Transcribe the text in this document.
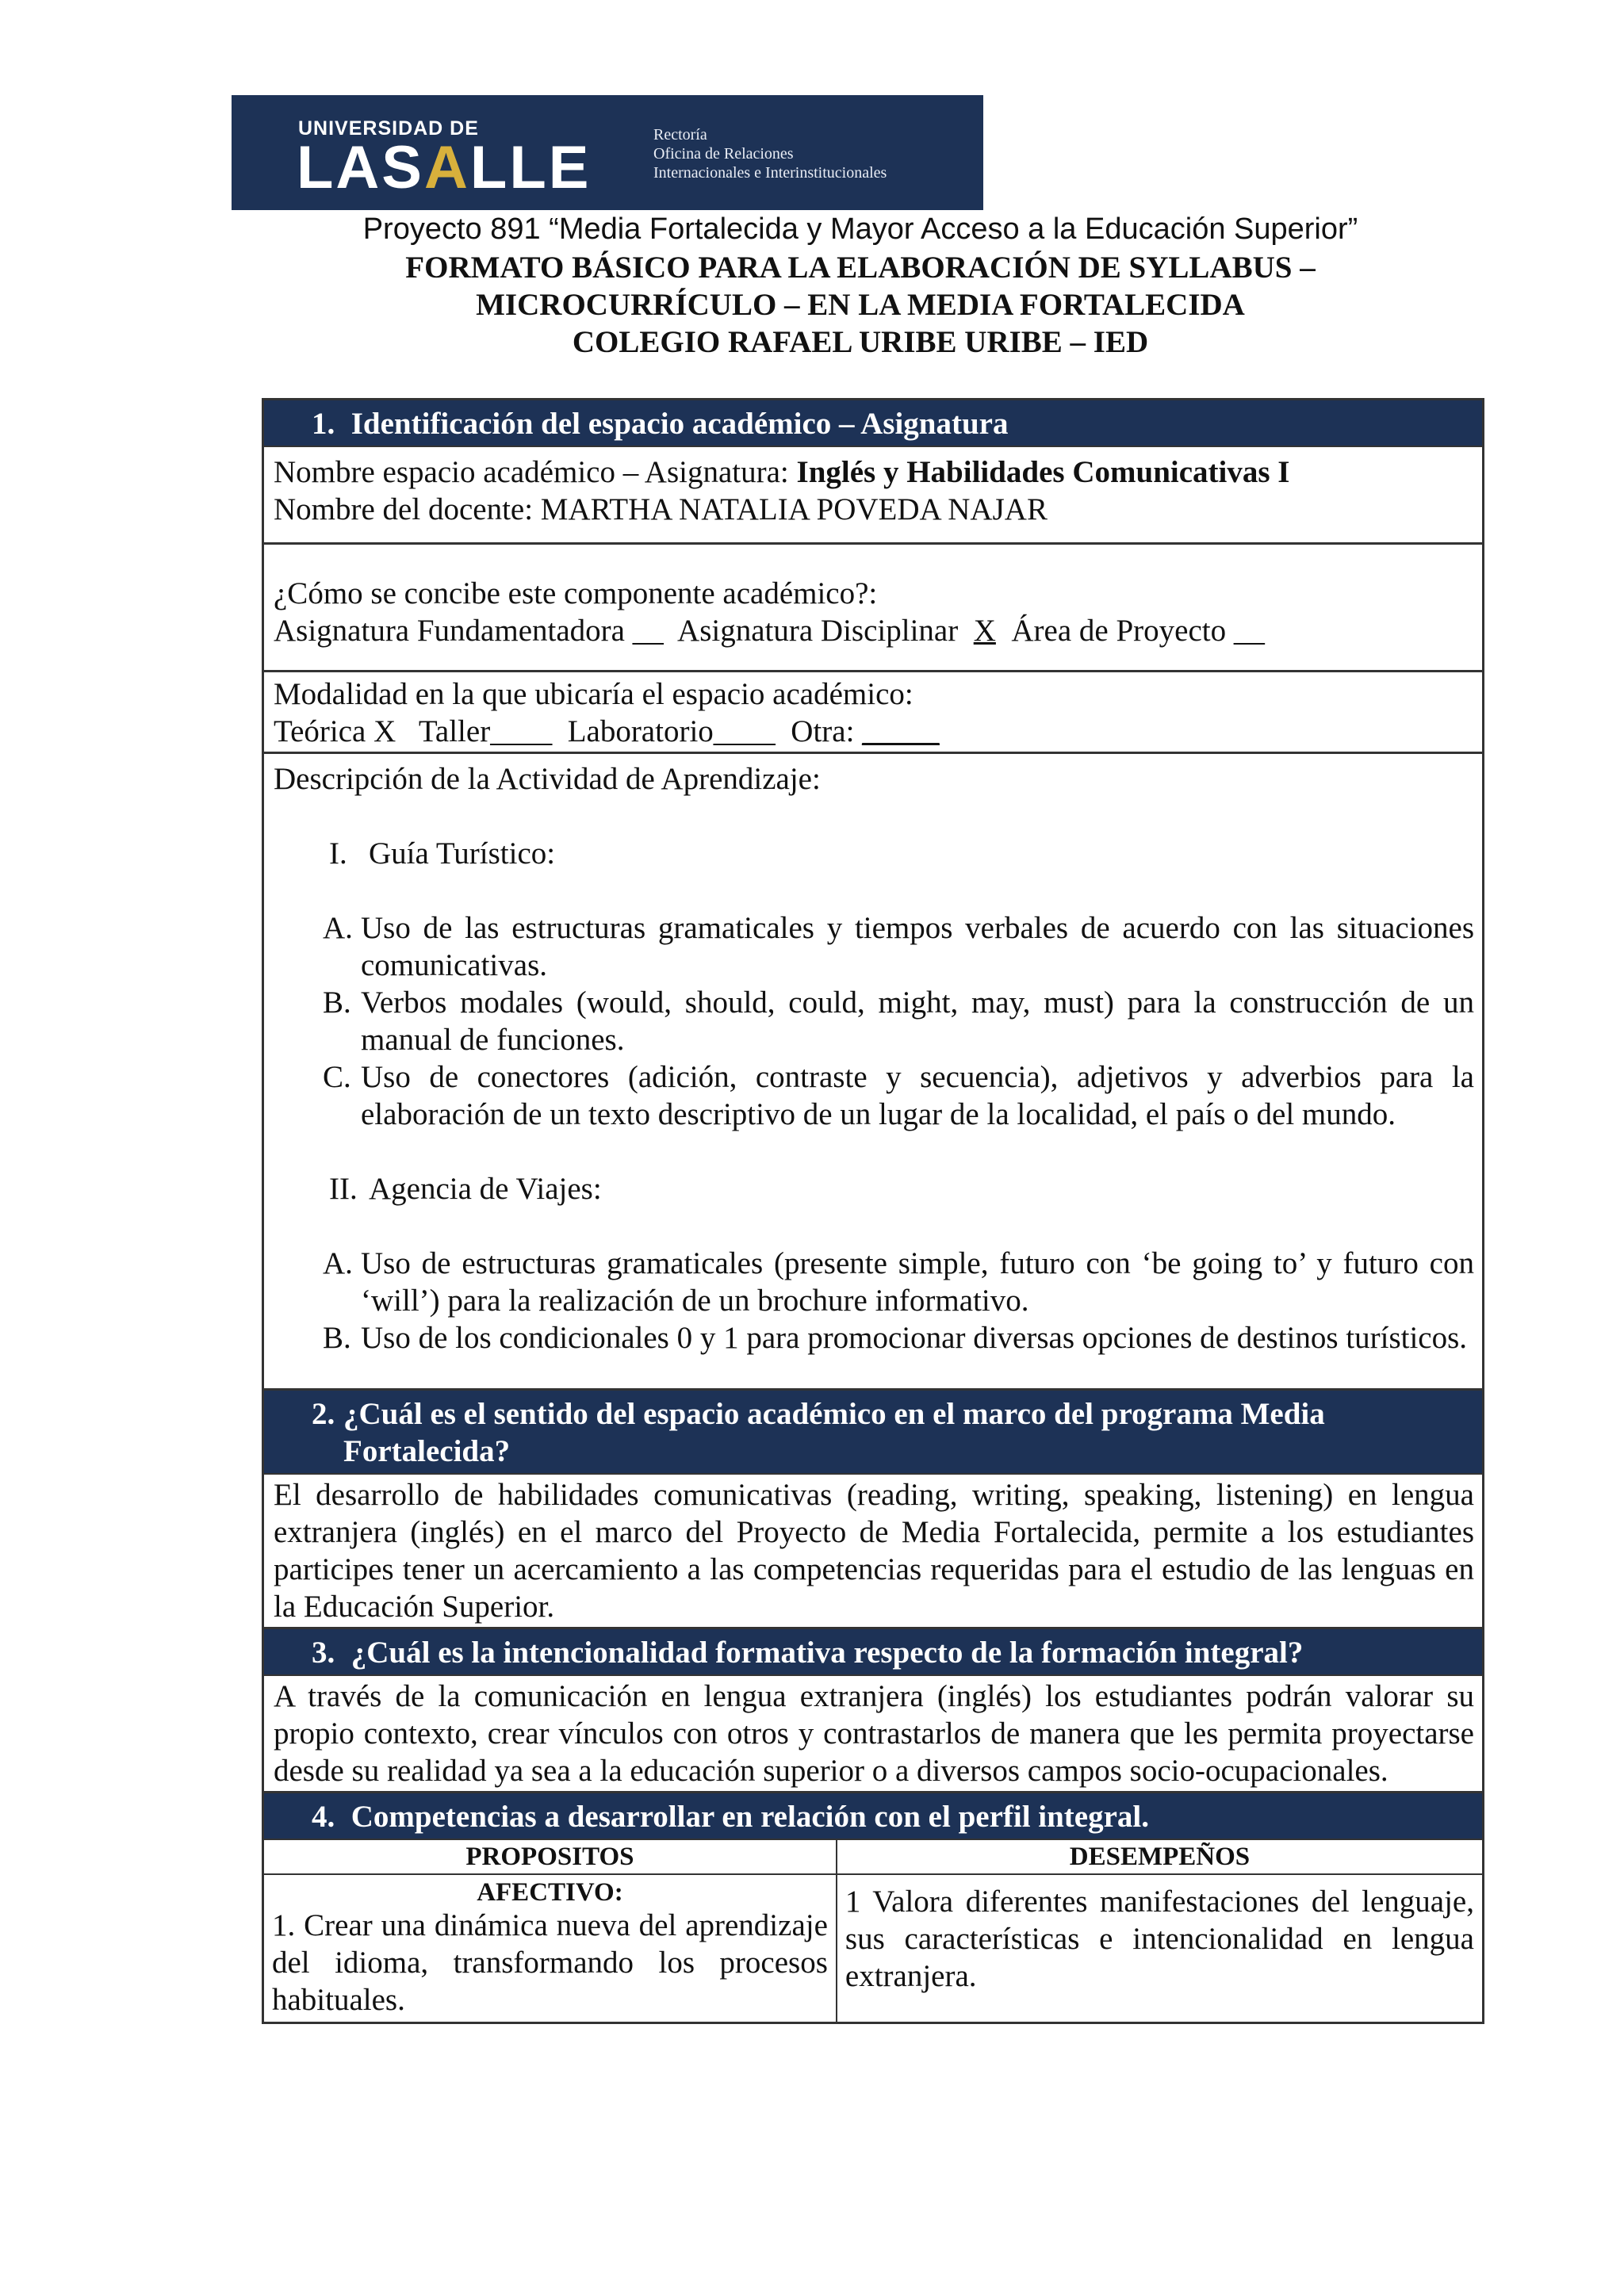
UNIVERSIDAD DE
LASALLE	Rectoría
Oficina de Relaciones
Internacionales e Interinstitucionales
Proyecto 891 “Media Fortalecida y Mayor Acceso a la Educación Superior”
FORMATO BÁSICO PARA LA ELABORACIÓN DE SYLLABUS –
MICROCURRÍCULO – EN LA MEDIA FORTALECIDA
COLEGIO RAFAEL URIBE URIBE – IED
1. Identificación del espacio académico – Asignatura

Nombre espacio académico – Asignatura: Inglés y Habilidades Comunicativas I

Nombre del docente: MARTHA NATALIA POVEDA NAJAR

¿Cómo se concibe este componente académico?:

Asignatura Fundamentadora __  Asignatura Disciplinar  X  Área de Proyecto __

Modalidad en la que ubicaría el espacio académico:

Teórica X   Taller____  Laboratorio____  Otra: _____

Descripción de la Actividad de Aprendizaje:

I. Guía Turístico:

A. Uso de las estructuras gramaticales y tiempos verbales de acuerdo con las situaciones comunicativas.
B. Verbos modales (would, should, could, might, may, must) para la construcción de un manual de funciones.
C. Uso de conectores (adición, contraste y secuencia), adjetivos y adverbios para la elaboración de un texto descriptivo de un lugar de la localidad, el país o del mundo.

II. Agencia de Viajes:

A. Uso de estructuras gramaticales (presente simple, futuro con ‘be going to’ y futuro con ‘will’) para la realización de un brochure informativo.
B. Uso de los condicionales 0 y 1 para promocionar diversas opciones de destinos turísticos.
2. ¿Cuál es el sentido del espacio académico en el marco del programa Media Fortalecida?
El desarrollo de habilidades comunicativas (reading, writing, speaking, listening) en lengua extranjera (inglés) en el marco del Proyecto de Media Fortalecida, permite a los estudiantes participes tener un acercamiento a las competencias requeridas para el estudio de las lenguas en la Educación Superior.
3. ¿Cuál es la intencionalidad formativa respecto de la formación integral?
A través de la comunicación en lengua extranjera (inglés) los estudiantes podrán valorar su propio contexto, crear vínculos con otros y contrastarlos de manera que les permita proyectarse desde su realidad ya sea a la educación superior o a diversos campos socio-ocupacionales.
4. Competencias a desarrollar en relación con el perfil integral.
PROPOSITOS	DESEMPEÑOS

AFECTIVO:
1. Crear una dinámica nueva del aprendizaje del idioma, transformando los procesos habituales.	1 Valora diferentes manifestaciones del lenguaje, sus características e intencionalidad en lengua extranjera.
